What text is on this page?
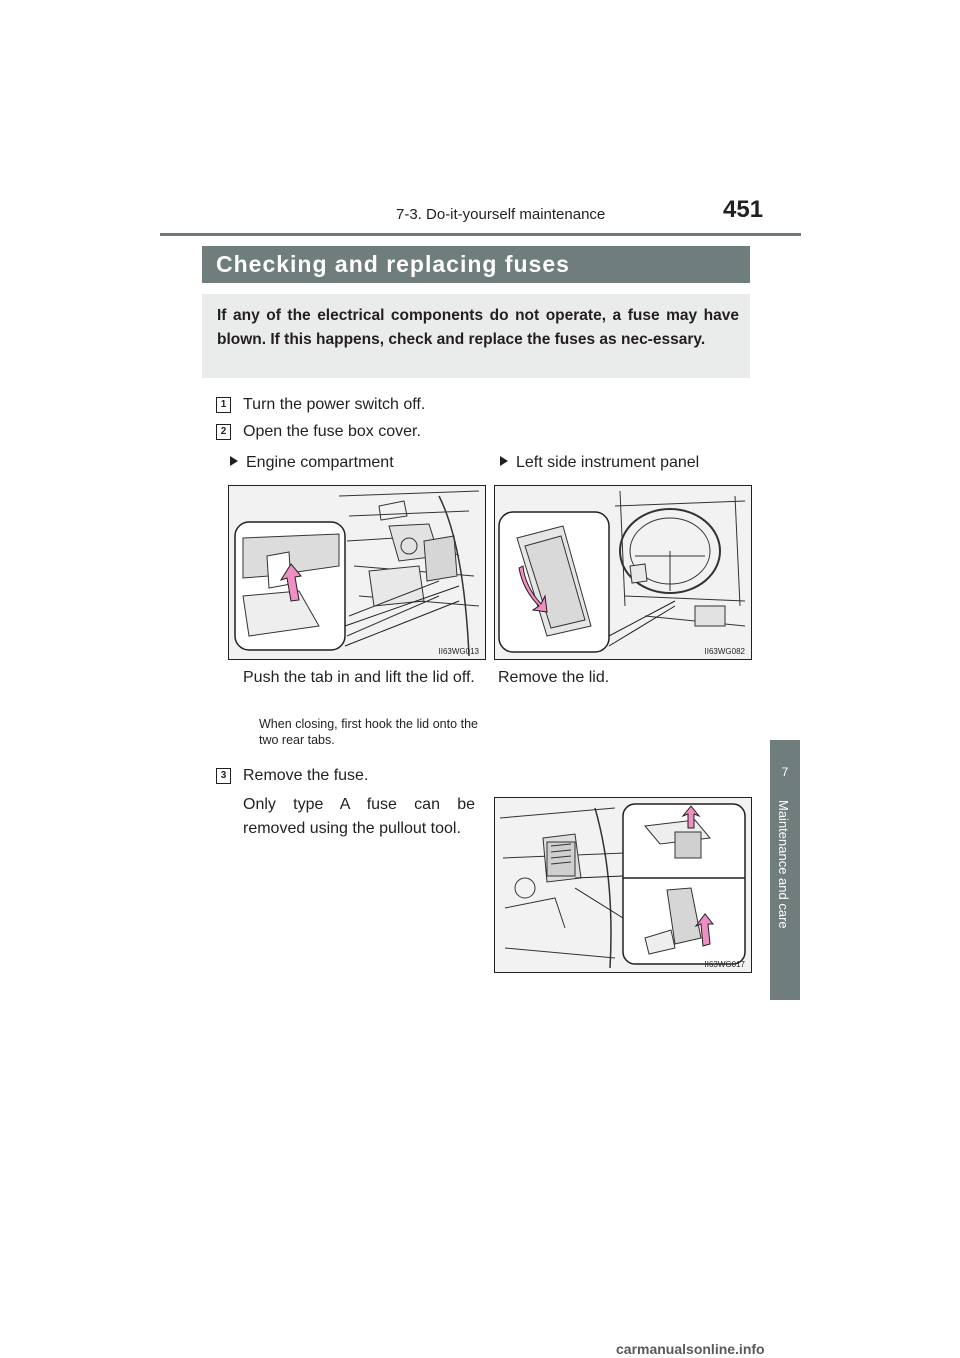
7-3. Do-it-yourself maintenance	451
Checking and replacing fuses
If any of the electrical components do not operate, a fuse may have blown. If this happens, check and replace the fuses as nec-essary.
1 Turn the power switch off.
2 Open the fuse box cover.
Engine compartment	Left side instrument panel
II63WG013	II63WG082
Push the tab in and lift the lid off.
When closing, first hook the lid onto the two rear tabs.
Remove the lid.
3 Remove the fuse.
Only type A fuse can be removed using the pullout tool.
II63WG017
7
Maintenance and care
carmanualsonline.info
